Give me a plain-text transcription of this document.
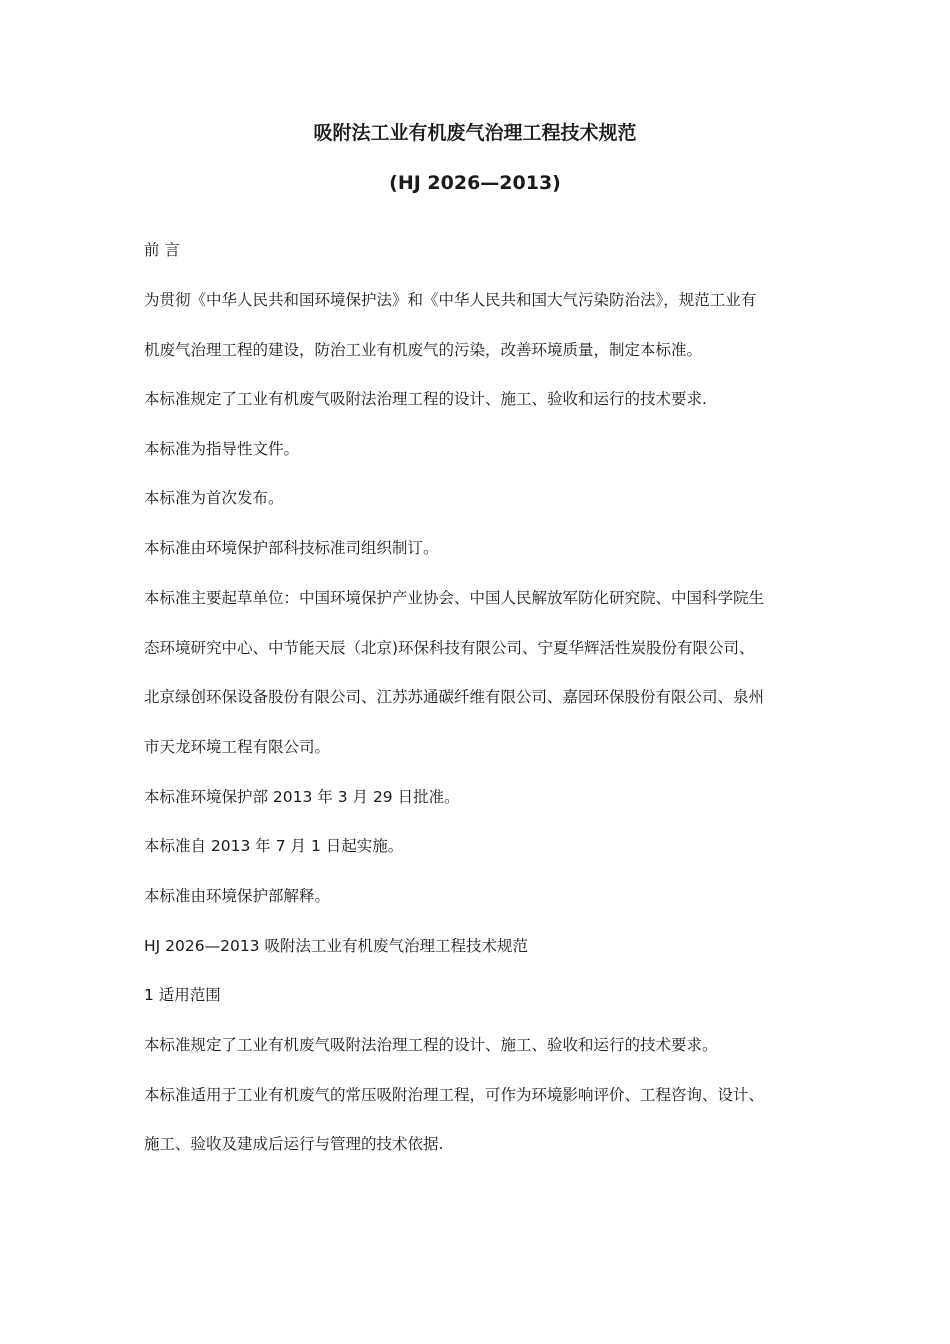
吸附法工业有机废气治理工程技术规范
(HJ 2026—2013)

前 言

为贯彻《中华人民共和国环境保护法》和《中华人民共和国大气污染防治法》，规范工业有

机废气治理工程的建设，防治工业有机废气的污染，改善环境质量，制定本标准。

本标准规定了工业有机废气吸附法治理工程的设计、施工、验收和运行的技术要求.

本标准为指导性文件。

本标准为首次发布。

本标准由环境保护部科技标准司组织制订。

本标准主要起草单位：中国环境保护产业协会、中国人民解放军防化研究院、中国科学院生

态环境研究中心、中节能天辰（北京)环保科技有限公司、宁夏华辉活性炭股份有限公司、

北京绿创环保设备股份有限公司、江苏苏通碳纤维有限公司、嘉园环保股份有限公司、泉州

市天龙环境工程有限公司。

本标准环境保护部 2013 年 3 月 29 日批准。

本标准自 2013 年 7 月 1 日起实施。

本标准由环境保护部解释。

HJ 2026—2013 吸附法工业有机废气治理工程技术规范

1 适用范围

本标准规定了工业有机废气吸附法治理工程的设计、施工、验收和运行的技术要求。

本标准适用于工业有机废气的常压吸附治理工程，可作为环境影响评价、工程咨询、设计、

施工、验收及建成后运行与管理的技术依据.
